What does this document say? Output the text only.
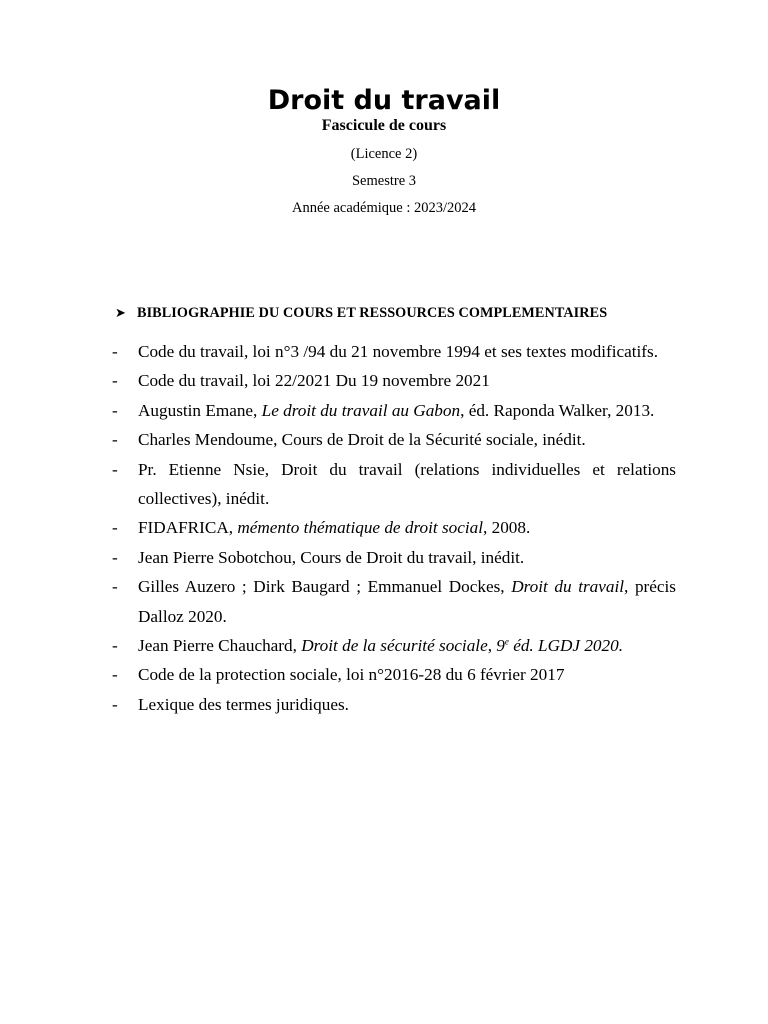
Droit du travail
Fascicule de cours
(Licence 2)
Semestre 3
Année académique : 2023/2024
➤ BIBLIOGRAPHIE DU COURS ET RESSOURCES COMPLEMENTAIRES
- Code du travail, loi n°3 /94 du 21 novembre 1994 et ses textes modificatifs.
- Code du travail, loi 22/2021 Du 19 novembre 2021
- Augustin Emane, Le droit du travail au Gabon, éd. Raponda Walker, 2013.
- Charles Mendoume, Cours de Droit de la Sécurité sociale, inédit.
- Pr. Etienne Nsie, Droit du travail (relations individuelles et relations collectives), inédit.
- FIDAFRICA, mémento thématique de droit social, 2008.
- Jean Pierre Sobotchou, Cours de Droit du travail, inédit.
- Gilles Auzero ; Dirk Baugard ; Emmanuel Dockes, Droit du travail, précis Dalloz 2020.
- Jean Pierre Chauchard, Droit de la sécurité sociale, 9e éd. LGDJ 2020.
- Code de la protection sociale, loi n°2016-28 du 6 février 2017
- Lexique des termes juridiques.
